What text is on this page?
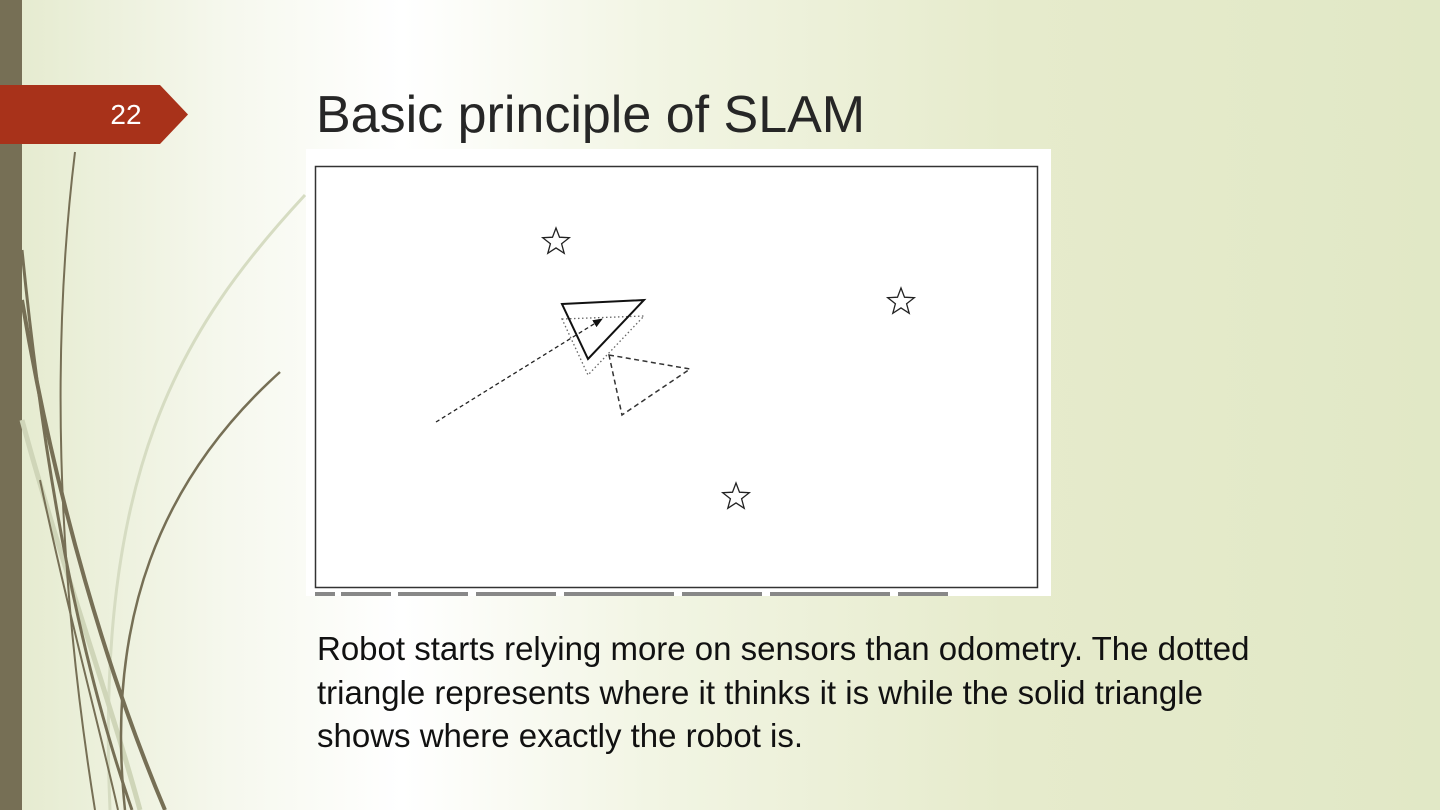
22	Basic principle of SLAM

Robot starts relying more on sensors than odometry. The dotted triangle represents where it thinks it is while the solid triangle shows where exactly the robot is.
